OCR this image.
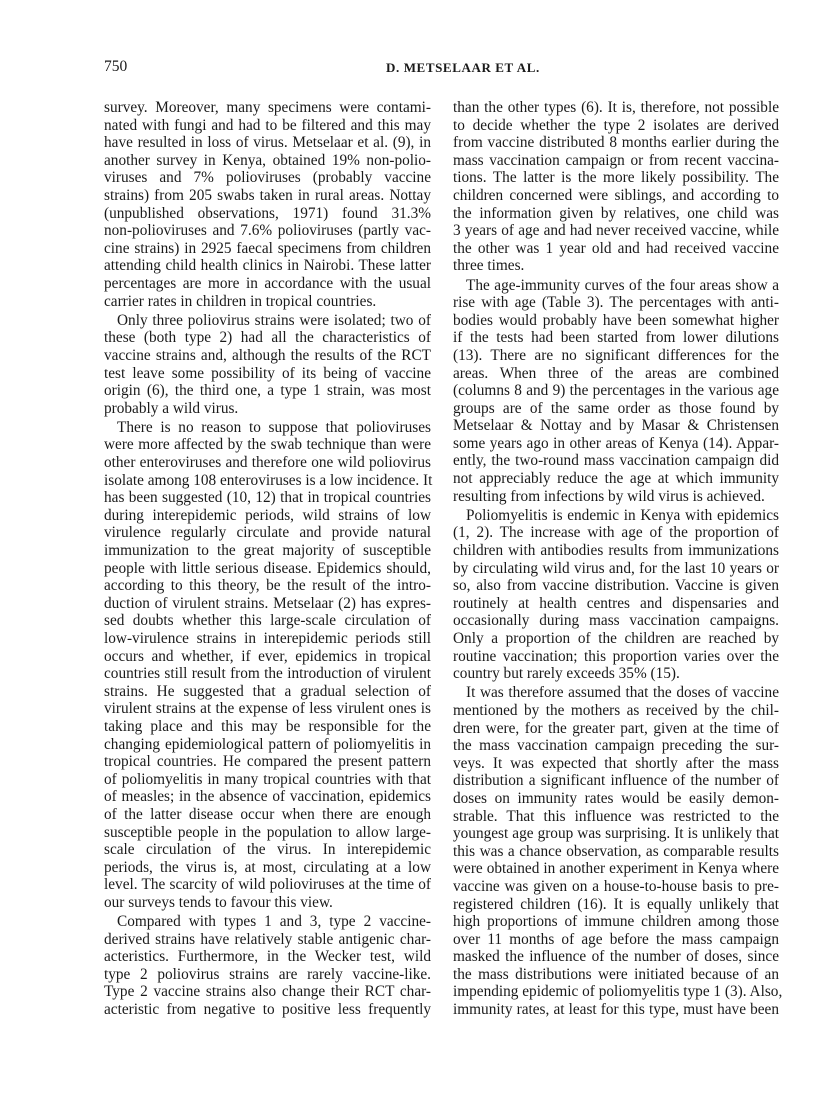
750	D. METSELAAR ET AL.
survey. Moreover, many specimens were contami-
nated with fungi and had to be filtered and this may
have resulted in loss of virus. Metselaar et al. (9), in
another survey in Kenya, obtained 19% non-polio-
viruses and 7% polioviruses (probably vaccine
strains) from 205 swabs taken in rural areas. Nottay
(unpublished observations, 1971) found 31.3%
non-polioviruses and 7.6% polioviruses (partly vac-
cine strains) in 2925 faecal specimens from children
attending child health clinics in Nairobi. These latter
percentages are more in accordance with the usual
carrier rates in children in tropical countries.
Only three poliovirus strains were isolated; two of
these (both type 2) had all the characteristics of
vaccine strains and, although the results of the RCT
test leave some possibility of its being of vaccine
origin (6), the third one, a type 1 strain, was most
probably a wild virus.
There is no reason to suppose that polioviruses
were more affected by the swab technique than were
other enteroviruses and therefore one wild poliovirus
isolate among 108 enteroviruses is a low incidence. It
has been suggested (10, 12) that in tropical countries
during interepidemic periods, wild strains of low
virulence regularly circulate and provide natural
immunization to the great majority of susceptible
people with little serious disease. Epidemics should,
according to this theory, be the result of the intro-
duction of virulent strains. Metselaar (2) has expres-
sed doubts whether this large-scale circulation of
low-virulence strains in interepidemic periods still
occurs and whether, if ever, epidemics in tropical
countries still result from the introduction of virulent
strains. He suggested that a gradual selection of
virulent strains at the expense of less virulent ones is
taking place and this may be responsible for the
changing epidemiological pattern of poliomyelitis in
tropical countries. He compared the present pattern
of poliomyelitis in many tropical countries with that
of measles; in the absence of vaccination, epidemics
of the latter disease occur when there are enough
susceptible people in the population to allow large-
scale circulation of the virus. In interepidemic
periods, the virus is, at most, circulating at a low
level. The scarcity of wild polioviruses at the time of
our surveys tends to favour this view.
Compared with types 1 and 3, type 2 vaccine-
derived strains have relatively stable antigenic char-
acteristics. Furthermore, in the Wecker test, wild
type 2 poliovirus strains are rarely vaccine-like.
Type 2 vaccine strains also change their RCT char-
acteristic from negative to positive less frequently
than the other types (6). It is, therefore, not possible
to decide whether the type 2 isolates are derived
from vaccine distributed 8 months earlier during the
mass vaccination campaign or from recent vaccina-
tions. The latter is the more likely possibility. The
children concerned were siblings, and according to
the information given by relatives, one child was
3 years of age and had never received vaccine, while
the other was 1 year old and had received vaccine
three times.
The age-immunity curves of the four areas show a
rise with age (Table 3). The percentages with anti-
bodies would probably have been somewhat higher
if the tests had been started from lower dilutions
(13). There are no significant differences for the
areas. When three of the areas are combined
(columns 8 and 9) the percentages in the various age
groups are of the same order as those found by
Metselaar & Nottay and by Masar & Christensen
some years ago in other areas of Kenya (14). Appar-
ently, the two-round mass vaccination campaign did
not appreciably reduce the age at which immunity
resulting from infections by wild virus is achieved.
Poliomyelitis is endemic in Kenya with epidemics
(1, 2). The increase with age of the proportion of
children with antibodies results from immunizations
by circulating wild virus and, for the last 10 years or
so, also from vaccine distribution. Vaccine is given
routinely at health centres and dispensaries and
occasionally during mass vaccination campaigns.
Only a proportion of the children are reached by
routine vaccination; this proportion varies over the
country but rarely exceeds 35% (15).
It was therefore assumed that the doses of vaccine
mentioned by the mothers as received by the chil-
dren were, for the greater part, given at the time of
the mass vaccination campaign preceding the sur-
veys. It was expected that shortly after the mass
distribution a significant influence of the number of
doses on immunity rates would be easily demon-
strable. That this influence was restricted to the
youngest age group was surprising. It is unlikely that
this was a chance observation, as comparable results
were obtained in another experiment in Kenya where
vaccine was given on a house-to-house basis to pre-
registered children (16). It is equally unlikely that
high proportions of immune children among those
over 11 months of age before the mass campaign
masked the influence of the number of doses, since
the mass distributions were initiated because of an
impending epidemic of poliomyelitis type 1 (3). Also,
immunity rates, at least for this type, must have been
